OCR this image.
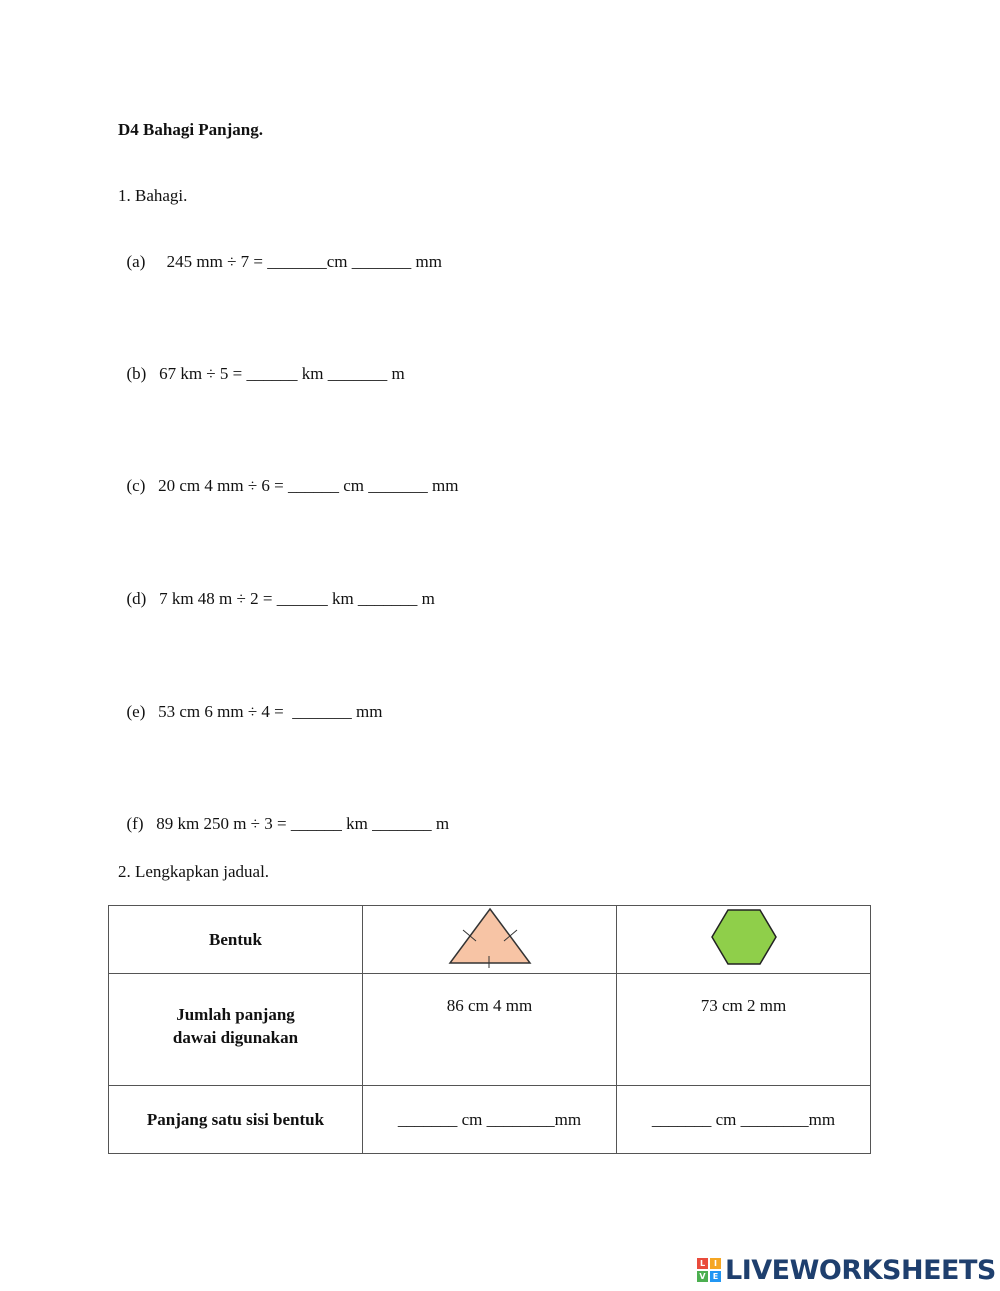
D4 Bahagi Panjang.
1. Bahagi.

(a)     245 mm ÷ 7 = _______cm _______ mm

(b) 67 km ÷ 5 = ______ km _______ m

(c) 20 cm 4 mm ÷ 6 = ______ cm _______ mm

(d) 7 km 48 m ÷ 2 = ______ km _______ m

(e) 53 cm 6 mm ÷ 4 =  _______ mm

(f) 89 km 250 m ÷ 3 = ______ km _______ m

2. Lengkapkan jadual.
Bentuk		

Jumlah panjang
dawai digunakan	86 cm 4 mm	73 cm 2 mm
Panjang satu sisi bentuk	_______ cm ________mm	_______ cm ________mm
L	I
V E LIVEWORKSHEETS
